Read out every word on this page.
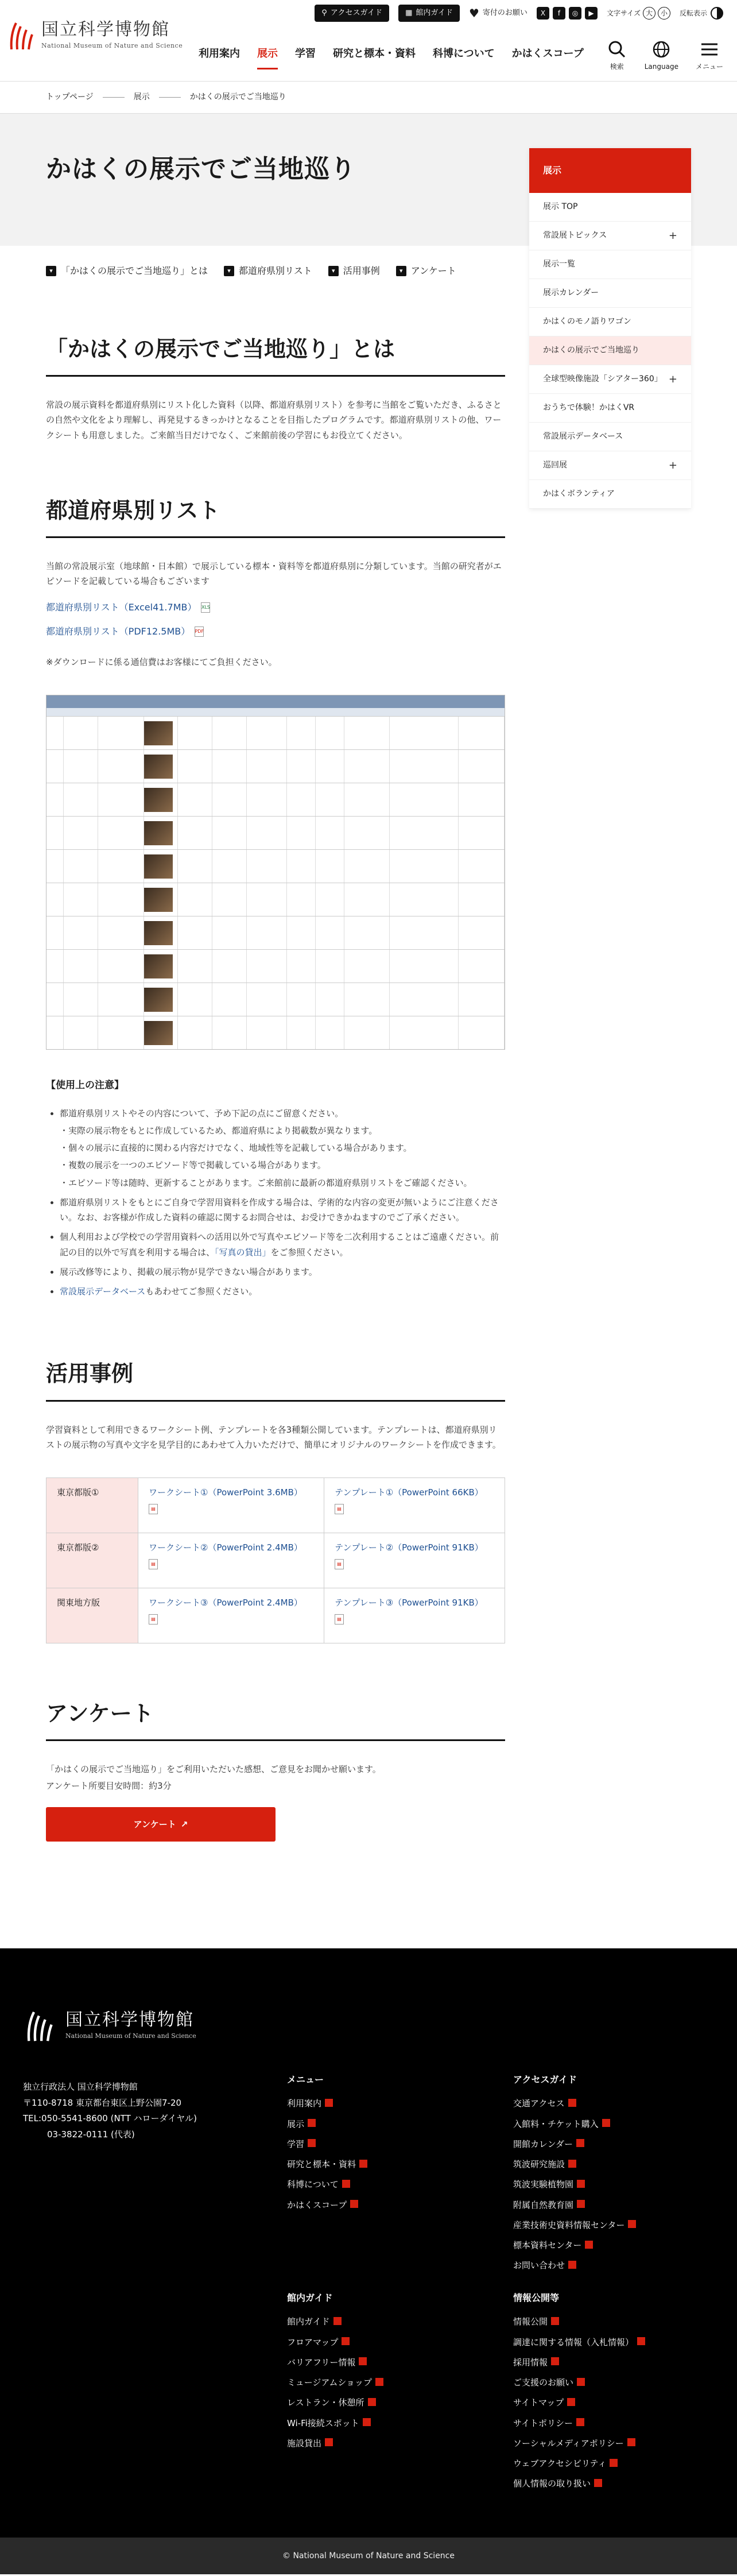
国立科学博物館
National Museum of Nature and Science
⚲ アクセスガイド	▦ 館内ガイド ♥ 寄付のお願い	X	f	◎	▶	文字サイズ 大	小	反転表示
利用案内 展示 学習 研究と標本・資料 科博について かはくスコープ
検索	Language	メニュー
トップページ	展示	かはくの展示でご当地巡り
かはくの展示でご当地巡り	展示
展示 TOP
常設展トピックス	+
展示一覧
展示カレンダー
かはくのモノ語りワゴン
かはくの展示でご当地巡り
全球型映像施設「シアター360」 +
おうちで体験！かはくVR
常設展示データベース
巡回展	+
かはくボランティア
▾ 「かはくの展示でご当地巡り」とは	▾ 都道府県別リスト	▾ 活用事例	▾ アンケート
「かはくの展示でご当地巡り」とは

常設の展示資料を都道府県別にリスト化した資料（以降、都道府県別リスト）を参考に当館をご覧いただき、ふるさとの自然や文化をより理解し、再発見するきっかけとなることを目指したプログラムです。都道府県別リストの他、ワークシートも用意しました。ご来館当日だけでなく、ご来館前後の学習にもお役立てください。

都道府県別リスト

当館の常設展示室（地球館・日本館）で展示している標本・資料等を都道府県別に分類しています。当館の研究者がエピソードを記載している場合もございます

都道府県別リスト（Excel41.7MB） XLS
都道府県別リスト（PDF12.5MB） PDF

※ダウンロードに係る通信費はお客様にてご負担ください。

【使用上の注意】
• 都道府県別リストやその内容について、予め下記の点にご留意ください。
・実際の展示物をもとに作成しているため、都道府県により掲載数が異なります。
・個々の展示に直接的に関わる内容だけでなく、地域性等を記載している場合があります。
・複数の展示を一つのエピソード等で掲載している場合があります。
・エピソード等は随時、更新することがあります。ご来館前に最新の都道府県別リストをご確認ください。
• 都道府県別リストをもとにご自身で学習用資料を作成する場合は、学術的な内容の変更が無いようにご注意ください。なお、お客様が作成した資料の確認に関するお問合せは、お受けできかねますのでご了承ください。
• 個人利用および学校での学習用資料への活用以外で写真やエピソード等を二次利用することはご遠慮ください。前記の目的以外で写真を利用する場合は、「写真の貸出」をご参照ください。
• 展示改修等により、掲載の展示物が見学できない場合があります。
• 常設展示データベースもあわせてご参照ください。
活用事例

学習資料として利用できるワークシート例、テンプレートを各3種類公開しています。テンプレートは、都道府県別リストの展示物の写真や文字を見学目的にあわせて入力いただけで、簡単にオリジナルのワークシートを作成できます。

東京都版①	ワークシート①（PowerPoint 3.6MB） ▤	テンプレート①（PowerPoint 66KB） ▤
東京都版②	ワークシート②（PowerPoint 2.4MB） ▤	テンプレート②（PowerPoint 91KB） ▤
関東地方版	ワークシート③（PowerPoint 2.4MB） ▤	テンプレート③（PowerPoint 91KB） ▤
アンケート

「かはくの展示でご当地巡り」をご利用いただいた感想、ご意見をお聞かせ願います。

アンケート所要目安時間：約3分

アンケート ↗
国立科学博物館
National Museum of Nature and Science
独立行政法人 国立科学博物館
〒110-8718 東京都台東区上野公園7-20
TEL:050-5541-8600 (NTT ハローダイヤル)
03-3822-0111 (代表)
メニュー
利用案内
展示
学習
研究と標本・資料
科博について
かはくスコープ
アクセスガイド
交通アクセス
入館料・チケット購入
開館カレンダー
筑波研究施設
筑波実験植物園
附属自然教育園
産業技術史資料情報センター
標本資料センター
お問い合わせ
館内ガイド
館内ガイド
フロアマップ
バリアフリー情報
ミュージアムショップ
レストラン・休憩所
Wi-Fi接続スポット
施設貸出
情報公開等
情報公開
調達に関する情報（入札情報）
採用情報
ご支援のお願い
サイトマップ
サイトポリシー
ソーシャルメディアポリシー
ウェブアクセシビリティ
個人情報の取り扱い
© National Museum of Nature and Science
